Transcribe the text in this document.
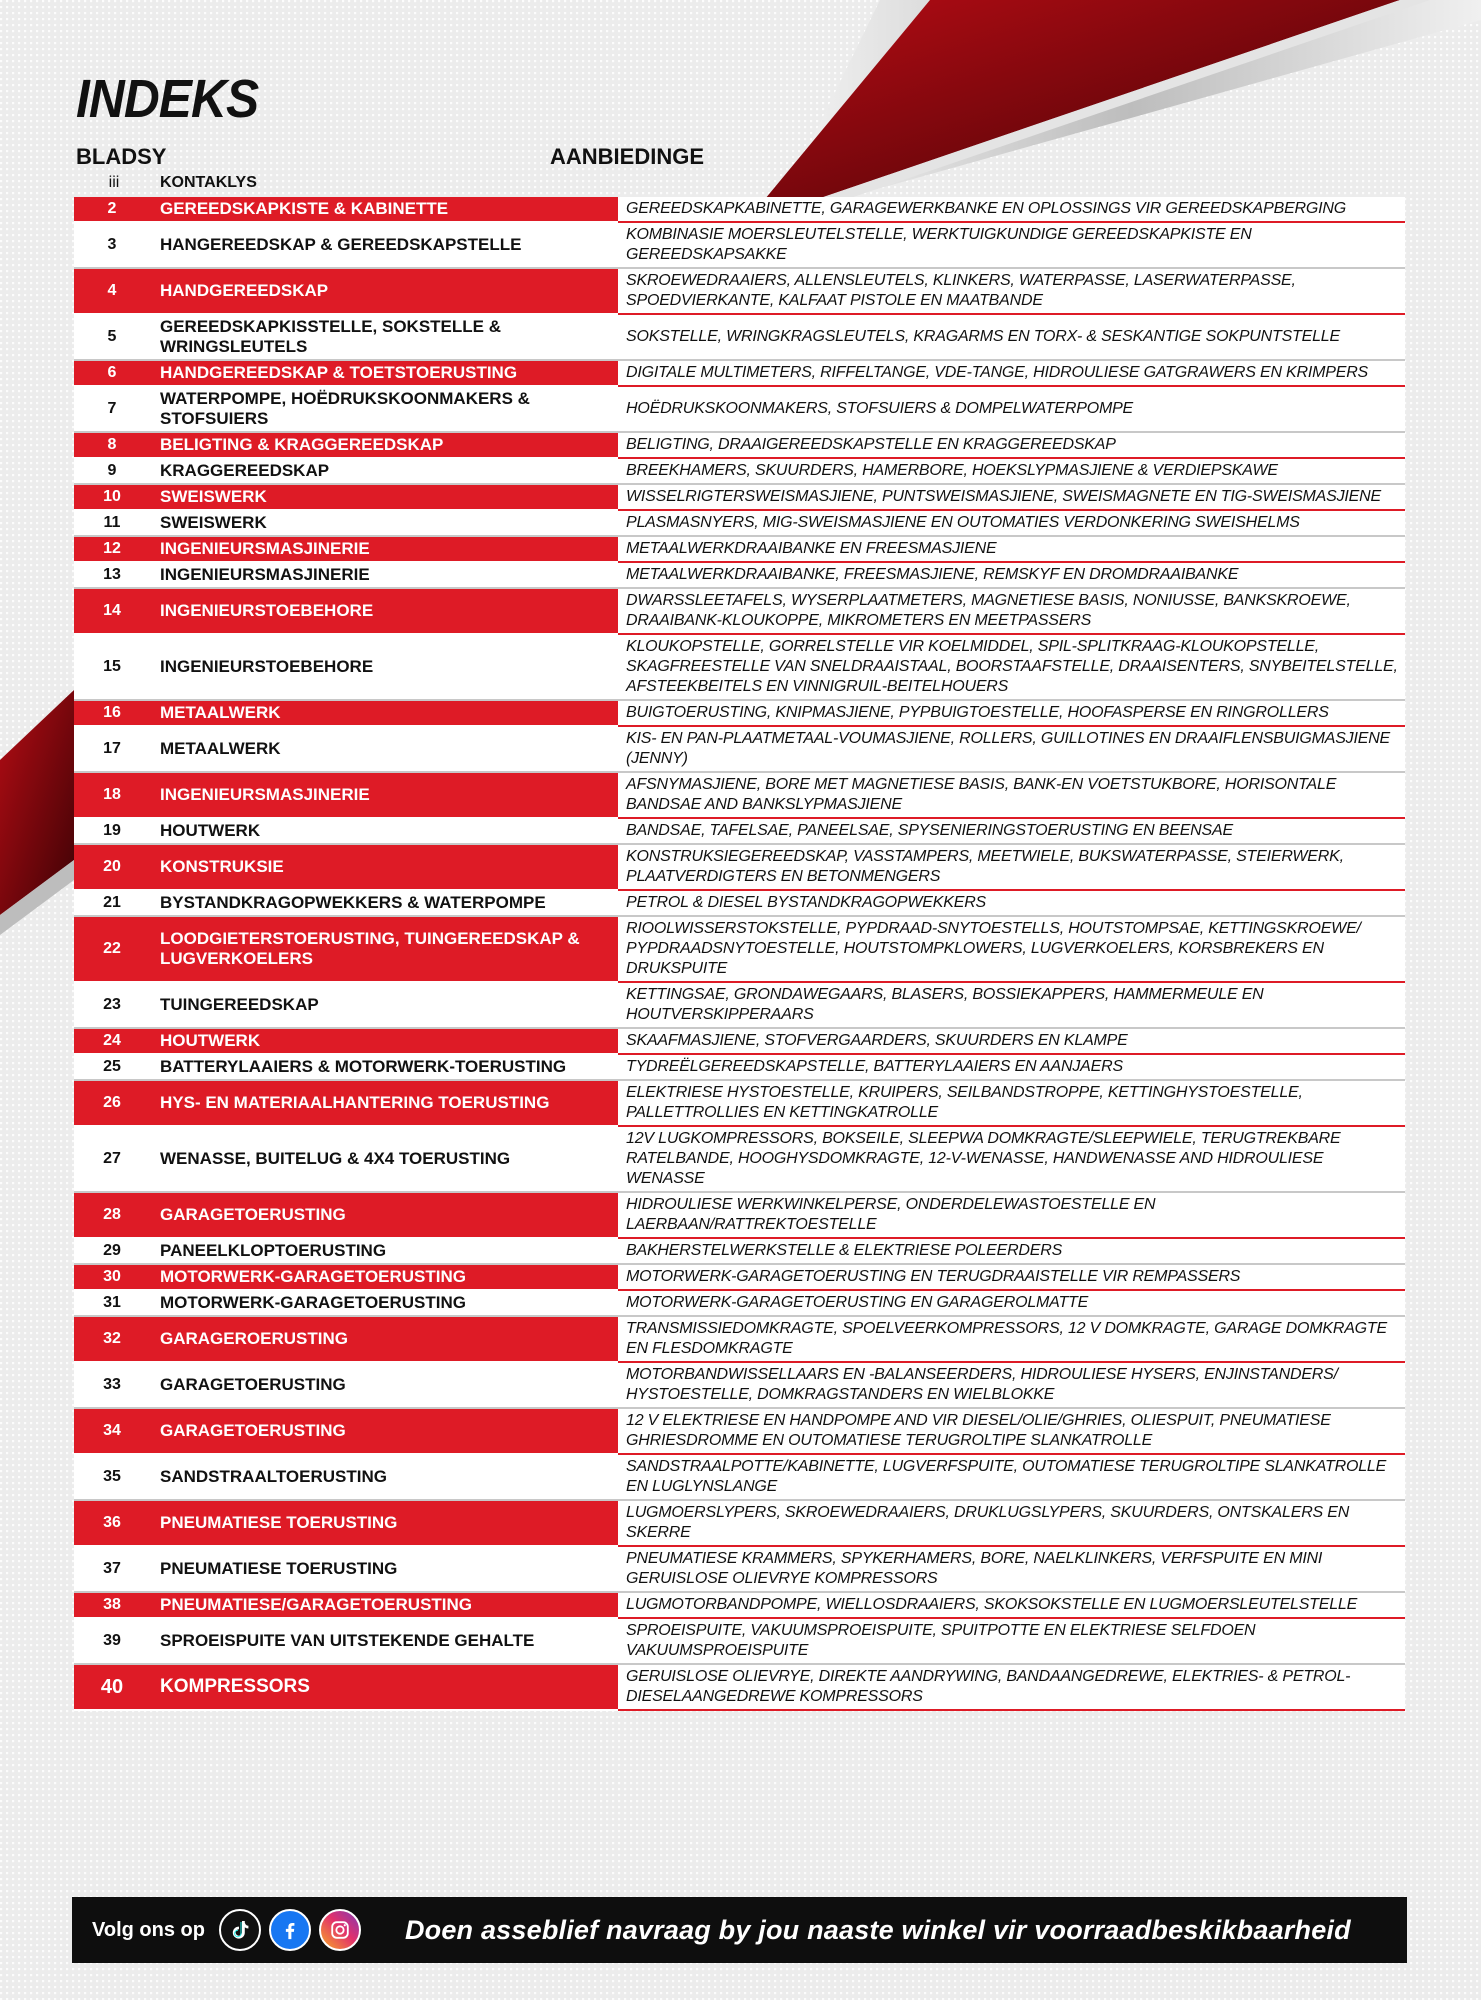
INDEKS
BLADSY	AANBIEDINGE
iii	KONTAKLYS
2	GEREEDSKAPKISTE & KABINETTE	GEREEDSKAPKABINETTE, GARAGEWERKBANKE EN OPLOSSINGS VIR GEREEDSKAPBERGING
3	HANGEREEDSKAP & GEREEDSKAPSTELLE	KOMBINASIE MOERSLEUTELSTELLE, WERKTUIGKUNDIGE GEREEDSKAPKISTE EN GEREEDSKAPSAKKE
4	HANDGEREEDSKAP	SKROEWEDRAAIERS, ALLENSLEUTELS, KLINKERS, WATERPASSE, LASERWATERPASSE, SPOEDVIERKANTE, KALFAAT PISTOLE EN MAATBANDE
5	GEREEDSKAPKISSTELLE, SOKSTELLE & WRINGSLEUTELS	SOKSTELLE, WRINGKRAGSLEUTELS, KRAGARMS EN TORX- & SESKANTIGE SOKPUNTSTELLE
6	HANDGEREEDSKAP & TOETSTOERUSTING	DIGITALE MULTIMETERS, RIFFELTANGE, VDE-TANGE, HIDROULIESE GATGRAWERS EN KRIMPERS
7	WATERPOMPE, HOËDRUKSKOONMAKERS & STOFSUIERS	HOËDRUKSKOONMAKERS, STOFSUIERS & DOMPELWATERPOMPE
8	BELIGTING & KRAGGEREEDSKAP	BELIGTING, DRAAIGEREEDSKAPSTELLE EN KRAGGEREEDSKAP
9	KRAGGEREEDSKAP	BREEKHAMERS, SKUURDERS, HAMERBORE, HOEKSLYPMASJIENE & VERDIEPSKAWE
10	SWEISWERK	WISSELRIGTERSWEISMASJIENE, PUNTSWEISMASJIENE, SWEISMAGNETE EN TIG-SWEISMASJIENE
11	SWEISWERK	PLASMASNYERS, MIG-SWEISMASJIENE EN OUTOMATIES VERDONKERING SWEISHELMS
12	INGENIEURSMASJINERIE	METAALWERKDRAAIBANKE EN FREESMASJIENE
13	INGENIEURSMASJINERIE	METAALWERKDRAAIBANKE, FREESMASJIENE, REMSKYF EN DROMDRAAIBANKE
14	INGENIEURSTOEBEHORE	DWARSSLEETAFELS, WYSERPLAATMETERS, MAGNETIESE BASIS, NONIUSSE, BANKSKROEWE, DRAAIBANK-KLOUKOPPE, MIKROMETERS EN MEETPASSERS
15	INGENIEURSTOEBEHORE	KLOUKOPSTELLE, GORRELSTELLE VIR KOELMIDDEL, SPIL-SPLITKRAAG-KLOUKOPSTELLE, SKAGFREESTELLE VAN SNELDRAAISTAAL, BOORSTAAFSTELLE, DRAAISENTERS, SNYBEITELSTELLE, AFSTEEKBEITELS EN VINNIGRUIL-BEITELHOUERS
16	METAALWERK	BUIGTOERUSTING, KNIPMASJIENE, PYPBUIGTOESTELLE, HOOFASPERSE EN RINGROLLERS
17	METAALWERK	KIS- EN PAN-PLAATMETAAL-VOUMASJIENE, ROLLERS, GUILLOTINES EN DRAAIFLENSBUIGMASJIENE (JENNY)
18	INGENIEURSMASJINERIE	AFSNYMASJIENE, BORE MET MAGNETIESE BASIS, BANK-EN VOETSTUKBORE, HORISONTALE BANDSAE AND BANKSLYPMASJIENE
19	HOUTWERK	BANDSAE, TAFELSAE, PANEELSAE, SPYSENIERINGSTOERUSTING EN BEENSAE
20	KONSTRUKSIE	KONSTRUKSIEGEREEDSKAP, VASSTAMPERS, MEETWIELE, BUKSWATERPASSE, STEIERWERK, PLAATVERDIGTERS EN BETONMENGERS
21	BYSTANDKRAGOPWEKKERS & WATERPOMPE	PETROL & DIESEL BYSTANDKRAGOPWEKKERS
22	LOODGIETERSTOERUSTING, TUINGEREEDSKAP & LUGVERKOELERS	RIOOLWISSERSTOKSTELLE, PYPDRAAD-SNYTOESTELLS, HOUTSTOMPSAE, KETTINGSKROEWE/ PYPDRAADSNYTOESTELLE, HOUTSTOMPKLOWERS, LUGVERKOELERS, KORSBREKERS EN DRUKSPUITE
23	TUINGEREEDSKAP	KETTINGSAE, GRONDAWEGAARS, BLASERS, BOSSIEKAPPERS, HAMMERMEULE EN HOUTVERSKIPPERAARS
24	HOUTWERK	SKAAFMASJIENE, STOFVERGAARDERS, SKUURDERS EN KLAMPE
25	BATTERYLAAIERS & MOTORWERK-TOERUSTING	TYDREËLGEREEDSKAPSTELLE, BATTERYLAAIERS EN AANJAERS
26	HYS- EN MATERIAALHANTERING TOERUSTING	ELEKTRIESE HYSTOESTELLE, KRUIPERS, SEILBANDSTROPPE, KETTINGHYSTOESTELLE, PALLETTROLLIES EN KETTINGKATROLLE
27	WENASSE, BUITELUG & 4X4 TOERUSTING	12V LUGKOMPRESSORS, BOKSEILE, SLEEPWA DOMKRAGTE/SLEEPWIELE, TERUGTREKBARE RATELBANDE, HOOGHYSDOMKRAGTE, 12-V-WENASSE, HANDWENASSE AND HIDROULIESE WENASSE
28	GARAGETOERUSTING	HIDROULIESE WERKWINKELPERSE, ONDERDELEWASTOESTELLE EN LAERBAAN/RATTREKTOESTELLE
29	PANEELKLOPTOERUSTING	BAKHERSTELWERKSTELLE & ELEKTRIESE POLEERDERS
30	MOTORWERK-GARAGETOERUSTING	MOTORWERK-GARAGETOERUSTING EN TERUGDRAAISTELLE VIR REMPASSERS
31	MOTORWERK-GARAGETOERUSTING	MOTORWERK-GARAGETOERUSTING EN GARAGEROLMATTE
32	GARAGEROERUSTING	TRANSMISSIEDOMKRAGTE, SPOELVEERKOMPRESSORS, 12 V DOMKRAGTE, GARAGE DOMKRAGTE EN FLESDOMKRAGTE
33	GARAGETOERUSTING	MOTORBANDWISSELLAARS EN -BALANSEERDERS, HIDROULIESE HYSERS, ENJINSTANDERS/ HYSTOESTELLE, DOMKRAGSTANDERS EN WIELBLOKKE
34	GARAGETOERUSTING	12 V ELEKTRIESE EN HANDPOMPE AND VIR DIESEL/OLIE/GHRIES, OLIESPUIT, PNEUMATIESE GHRIESDROMME EN OUTOMATIESE TERUGROLTIPE SLANKATROLLE
35	SANDSTRAALTOERUSTING	SANDSTRAALPOTTE/KABINETTE, LUGVERFSPUITE, OUTOMATIESE TERUGROLTIPE SLANKATROLLE EN LUGLYNSLANGE
36	PNEUMATIESE TOERUSTING	LUGMOERSLYPERS, SKROEWEDRAAIERS, DRUKLUGSLYPERS, SKUURDERS, ONTSKALERS EN SKERRE
37	PNEUMATIESE TOERUSTING	PNEUMATIESE KRAMMERS, SPYKERHAMERS, BORE, NAELKLINKERS, VERFSPUITE EN MINI GERUISLOSE OLIEVRYE KOMPRESSORS
38	PNEUMATIESE/GARAGETOERUSTING	LUGMOTORBANDPOMPE, WIELLOSDRAAIERS, SKOKSOKSTELLE EN LUGMOERSLEUTELSTELLE
39	SPROEISPUITE VAN UITSTEKENDE GEHALTE	SPROEISPUITE, VAKUUMSPROEISPUITE, SPUITPOTTE EN ELEKTRIESE SELFDOEN VAKUUMSPROEISPUITE
40	KOMPRESSORS	GERUISLOSE OLIEVRYE, DIREKTE AANDRYWING, BANDAANGEDREWE, ELEKTRIES- & PETROL-DIESELAANGEDREWE KOMPRESSORS
Volg ons op	Doen asseblief navraag by jou naaste winkel vir voorraadbeskikbaarheid
